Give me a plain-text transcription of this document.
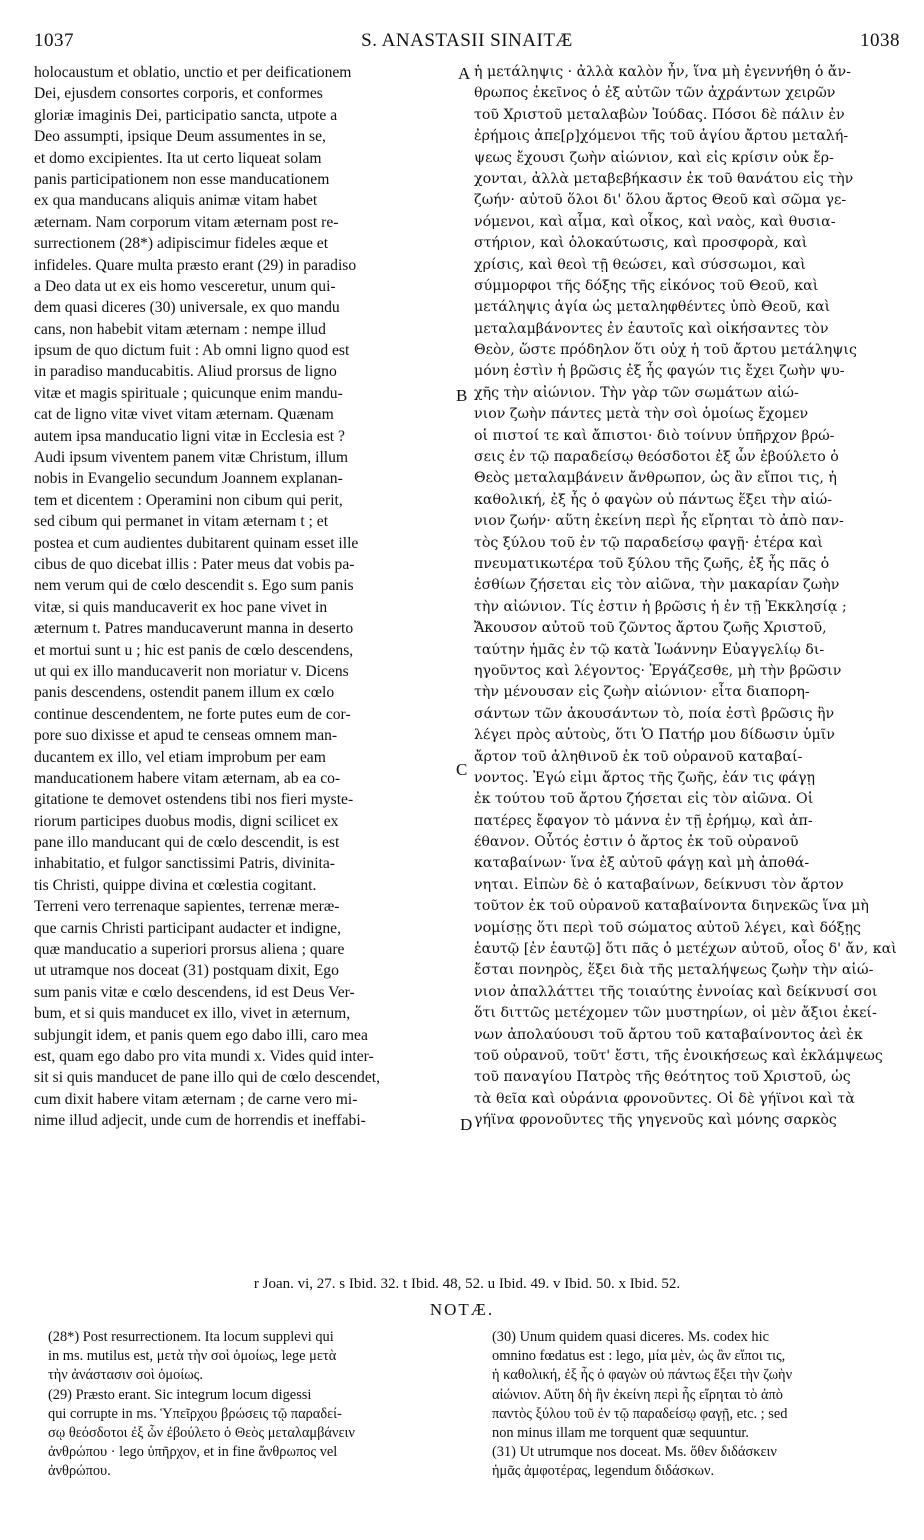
1037	S. ANASTASII SINAITÆ	1038
holocaustum et oblatio, unctio et per deificationem
Dei, ejusdem consortes corporis, et conformes
gloriæ imaginis Dei, participatio sancta, utpote a
Deo assumpti, ipsique Deum assumentes in se,
et domo excipientes. Ita ut certo liqueat solam
panis participationem non esse manducationem
ex qua manducans aliquis animæ vitam habet
æternam. Nam corporum vitam æternam post re-
surrectionem (28*) adipiscimur fideles æque et
infideles. Quare multa præsto erant (29) in paradiso
a Deo data ut ex eis homo vesceretur, unum qui-
dem quasi diceres (30) universale, ex quo mandu
cans, non habebit vitam æternam : nempe illud
ipsum de quo dictum fuit : Ab omni ligno quod est
in paradiso manducabitis. Aliud prorsus de ligno
vitæ et magis spirituale ; quicunque enim mandu-
cat de ligno vitæ vivet vitam æternam. Quænam
autem ipsa manducatio ligni vitæ in Ecclesia est ?
Audi ipsum viventem panem vitæ Christum, illum
nobis in Evangelio secundum Joannem explanan-
tem et dicentem : Operamini non cibum qui perit,
sed cibum qui permanet in vitam æternam t ; et
postea et cum audientes dubitarent quinam esset ille
cibus de quo dicebat illis : Pater meus dat vobis pa-
nem verum qui de cœlo descendit s. Ego sum panis
vitæ, si quis manducaverit ex hoc pane vivet in
æternum t. Patres manducaverunt manna in deserto
et mortui sunt u ; hic est panis de cœlo descendens,
ut qui ex illo manducaverit non moriatur v. Dicens
panis descendens, ostendit panem illum ex cœlo
continue descendentem, ne forte putes eum de cor-
pore suo dixisse et apud te censeas omnem man-
ducantem ex illo, vel etiam improbum per eam
manducationem habere vitam æternam, ab ea co-
gitatione te demovet ostendens tibi nos fieri myste-
riorum participes duobus modis, digni scilicet ex
pane illo manducant qui de cœlo descendit, is est
inhabitatio, et fulgor sanctissimi Patris, divinita-
tis Christi, quippe divina et cœlestia cogitant.
Terreni vero terrenaque sapientes, terrenæ meræ-
que carnis Christi participant audacter et indigne,
quæ manducatio a superiori prorsus aliena ; quare
ut utramque nos doceat (31) postquam dixit, Ego
sum panis vitæ e cœlo descendens, id est Deus Ver-
bum, et si quis manducet ex illo, vivet in æternum,
subjungit idem, et panis quem ego dabo illi, caro mea
est, quam ego dabo pro vita mundi x. Vides quid inter-
sit si quis manducet de pane illo qui de cœlo descendet,
cum dixit habere vitam æternam ; de carne vero mi-
nime illud adjecit, unde cum de horrendis et ineffabi-
ἡ μετάληψις · ἀλλὰ καλὸν ἦν, ἵνα μὴ ἐγεννήθη ὁ ἄν-
θρωπος ἐκεῖνος ὁ ἐξ αὐτῶν τῶν ἀχράντων χειρῶν
τοῦ Χριστοῦ μεταλαβὼν Ἰούδας. Πόσοι δὲ πάλιν ἐν
ἐρήμοις ἀπε[ρ]χόμενοι τῆς τοῦ ἁγίου ἄρτου μεταλή-
ψεως ἔχουσι ζωὴν αἰώνιον, καὶ εἰς κρίσιν οὐκ ἔρ-
χονται, ἀλλὰ μεταβεβήκασιν ἐκ τοῦ θανάτου εἰς τὴν
ζωήν· αὐτοῦ ὅλοι δι' ὅλου ἄρτος Θεοῦ καὶ σῶμα γε-
νόμενοι, καὶ αἷμα, καὶ οἶκος, καὶ ναὸς, καὶ θυσια-
στήριον, καὶ ὁλοκαύτωσις, καὶ προσφορὰ, καὶ
χρίσις, καὶ θεοὶ τῇ θεώσει, καὶ σύσσωμοι, καὶ
σύμμορφοι τῆς δόξης τῆς εἰκόνος τοῦ Θεοῦ, καὶ
μετάληψις ἁγία ὡς μεταληφθέντες ὑπὸ Θεοῦ, καὶ
μεταλαμβάνοντες ἐν ἑαυτοῖς καὶ οἰκήσαντες τὸν
Θεὸν, ὥστε πρόδηλον ὅτι οὐχ ἡ τοῦ ἄρτου μετάληψις
μόνη ἐστὶν ἡ βρῶσις ἐξ ἧς φαγών τις ἔχει ζωὴν ψυ-
χῆς τὴν αἰώνιον. Τὴν γὰρ τῶν σωμάτων αἰώ-
νιον ζωὴν πάντες μετὰ τὴν σοὶ ὁμοίως ἔχομεν
οἱ πιστοί τε καὶ ἄπιστοι· διὸ τοίνυν ὑπῆρχον βρώ-
σεις ἐν τῷ παραδείσῳ θεόσδοτοι ἐξ ὧν ἐβούλετο ὁ
Θεὸς μεταλαμβάνειν ἄνθρωπον, ὡς ἂν εἴποι τις, ἡ
καθολική, ἐξ ἧς ὁ φαγὼν οὐ πάντως ἕξει τὴν αἰώ-
νιον ζωήν· αὕτη ἐκείνη περὶ ἧς εἴρηται τὸ ἀπὸ παν-
τὸς ξύλου τοῦ ἐν τῷ παραδείσῳ φαγῇ· ἑτέρα καὶ
πνευματικωτέρα τοῦ ξύλου τῆς ζωῆς, ἐξ ἧς πᾶς ὁ
ἐσθίων ζήσεται εἰς τὸν αἰῶνα, τὴν μακαρίαν ζωὴν
τὴν αἰώνιον. Τίς ἐστιν ἡ βρῶσις ἡ ἐν τῇ Ἐκκλησίᾳ ;
Ἄκουσον αὐτοῦ τοῦ ζῶντος ἄρτου ζωῆς Χριστοῦ,
ταύτην ἡμᾶς ἐν τῷ κατὰ Ἰωάννην Εὐαγγελίῳ δι-
ηγοῦντος καὶ λέγοντος· Ἐργάζεσθε, μὴ τὴν βρῶσιν
τὴν μένουσαν εἰς ζωὴν αἰώνιον· εἶτα διαπορη-
σάντων τῶν ἀκουσάντων τὸ, ποία ἐστὶ βρῶσις ἣν
λέγει πρὸς αὐτοὺς, ὅτι Ὁ Πατήρ μου δίδωσιν ὑμῖν
ἄρτον τοῦ ἀληθινοῦ ἐκ τοῦ οὐρανοῦ καταβαί-
νοντος. Ἐγώ εἰμι ἄρτος τῆς ζωῆς, ἐάν τις φάγῃ
ἐκ τούτου τοῦ ἄρτου ζήσεται εἰς τὸν αἰῶνα. Οἱ
πατέρες ἔφαγον τὸ μάννα ἐν τῇ ἐρήμῳ, καὶ ἀπ-
έθανον. Οὗτός ἐστιν ὁ ἄρτος ἐκ τοῦ οὐρανοῦ
καταβαίνων· ἵνα ἐξ αὐτοῦ φάγῃ καὶ μὴ ἀποθά-
νηται. Εἰπὼν δὲ ὁ καταβαίνων, δείκνυσι τὸν ἄρτον
τοῦτον ἐκ τοῦ οὐρανοῦ καταβαίνοντα διηνεκῶς ἵνα μὴ
νομίσῃς ὅτι περὶ τοῦ σώματος αὐτοῦ λέγει, καὶ δόξῃς
ἑαυτῷ [ἐν ἑαυτῷ] ὅτι πᾶς ὁ μετέχων αὐτοῦ, οἷος δ' ἄν, καὶ
ἔσται πονηρὸς, ἕξει διὰ τῆς μεταλήψεως ζωὴν τὴν αἰώ-
νιον ἀπαλλάττει τῆς τοιαύτης ἐννοίας καὶ δείκνυσί σοι
ὅτι διττῶς μετέχομεν τῶν μυστηρίων, οἱ μὲν ἄξιοι ἐκεί-
νων ἀπολαύουσι τοῦ ἄρτου τοῦ καταβαίνοντος ἀεὶ ἐκ
τοῦ οὐρανοῦ, τοῦτ' ἔστι, τῆς ἐνοικήσεως καὶ ἐκλάμψεως
τοῦ παναγίου Πατρὸς τῆς θεότητος τοῦ Χριστοῦ, ὡς
τὰ θεῖα καὶ οὐράνια φρονοῦντες. Οἱ δὲ γήϊνοι καὶ τὰ
γήϊνα φρονοῦντες τῆς γηγενοῦς καὶ μόνης σαρκὸς
A
B
C
D
r Joan. vi, 27. s Ibid. 32. t Ibid. 48, 52. u Ibid. 49. v Ibid. 50. x Ibid. 52.
NOTÆ.
(28*) Post resurrectionem. Ita locum supplevi qui
in ms. mutilus est, μετὰ τὴν σοὶ ὁμοίως, lege μετὰ
τὴν ἀνάστασιν σοὶ ὁμοίως.
(29) Præsto erant. Sic integrum locum digessi
qui corrupte in ms. Ὑπεῖρχου βρώσεις τῷ παραδεί-
σῳ θεόσδοτοι ἐξ ὧν ἐβούλετο ὁ Θεὸς μεταλαμβάνειν
ἀνθρώπου · lego ὑπῆρχον, et in fine ἄνθρωπος vel
ἀνθρώπου.
(30) Unum quidem quasi diceres. Ms. codex hic
omnino fœdatus est : lego, μία μὲν, ὡς ἂν εἴποι τις,
ἡ καθολική, ἐξ ἧς ὁ φαγὼν οὐ πάντως ἕξει τὴν ζωὴν
αἰώνιον. Αὕτη δὴ ἣν ἐκείνη περὶ ἧς εἴρηται τὸ ἀπὸ
παντὸς ξύλου τοῦ ἐν τῷ παραδείσῳ φαγῇ, etc. ; sed
non minus illam me torquent quæ sequuntur.
(31) Ut utrumque nos doceat. Ms. ὅθεν διδάσκειν
ἡμᾶς ἀμφοτέρας, legendum διδάσκων.
